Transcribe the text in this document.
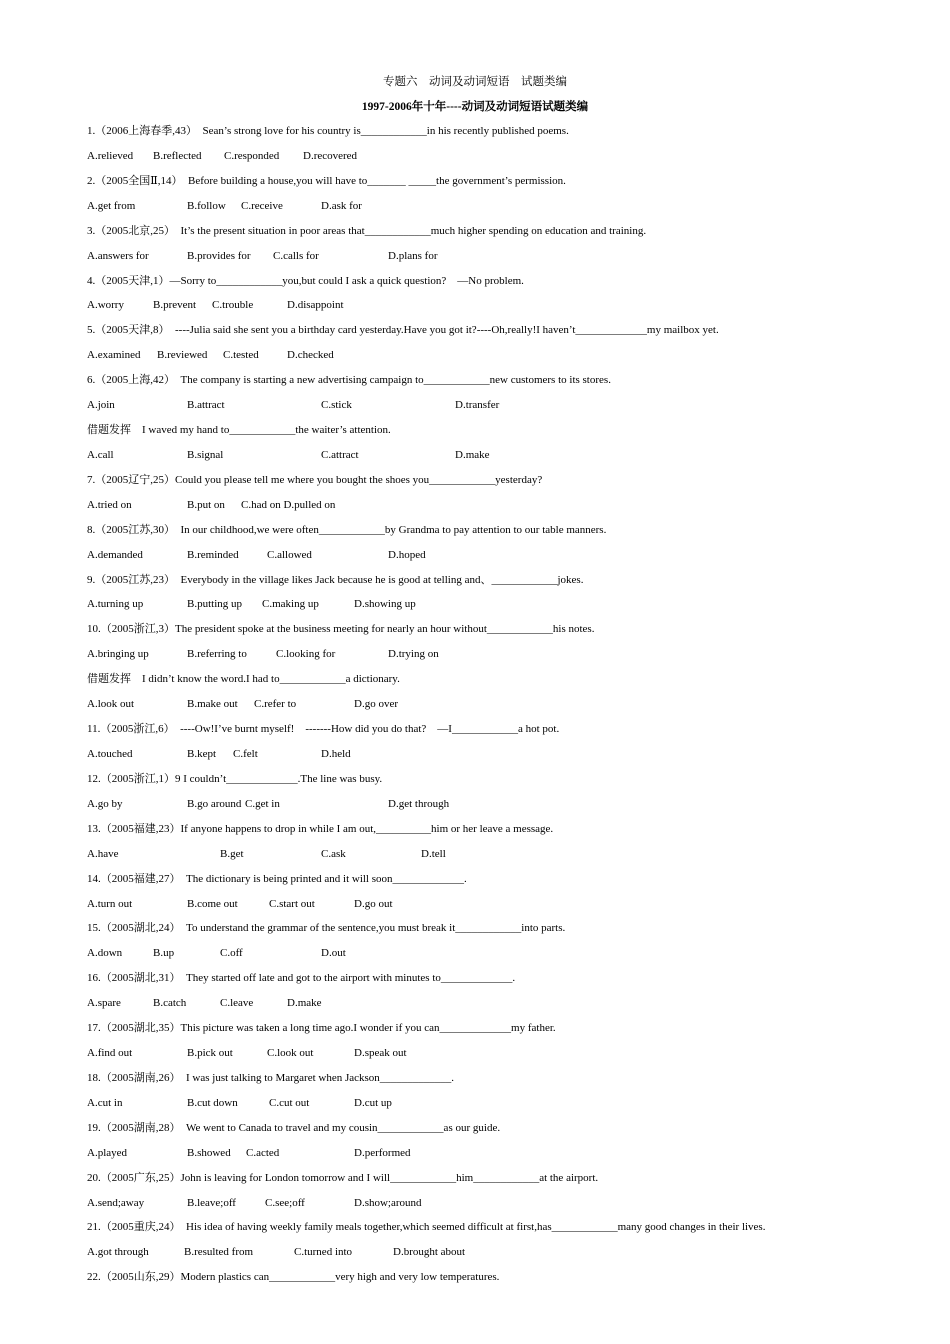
专题六　动词及动词短语　试题类编
1997-2006年十年----动词及动词短语试题类编
1.（2006上海春季,43）　Sean’s strong love for his country is____________in his recently published poems.
A.relieved B.reflected C.responded D.recovered
2.（2005全国Ⅱ,14）　Before building a house,you will have to_______ _____the government’s permission.
A.get from	B.follow C.receive	D.ask for
3.（2005北京,25）　It’s the present situation in poor areas that____________much higher spending on education and training.
A.answers for	B.provides for C.calls for	D.plans for
4.（2005天津,1）—Sorry to____________you,but could I ask a quick question?　—No problem.
A.worry	B.prevent C.trouble	D.disappoint
5.（2005天津,8）　----Julia said she sent you a birthday card yesterday.Have you got it?----Oh,really!I haven’t_____________my mailbox yet.
A.examined B.reviewed C.tested	D.checked
6.（2005上海,42）　The company is starting a new advertising campaign to____________new customers to its stores.
A.join	B.attract	C.stick	D.transfer
借题发挥　I waved my hand to____________the waiter’s attention.
A.call	B.signal	C.attract	D.make
7.（2005辽宁,25）Could you please tell me where you bought the shoes you____________yesterday?
A.tried on	B.put on C.had on D.pulled on
8.（2005江苏,30）　In our childhood,we were often____________by Grandma to pay attention to our table manners.
A.demanded	B.reminded	C.allowed	D.hoped
9.（2005江苏,23）　Everybody in the village likes Jack because he is good at telling and、____________jokes.
A.turning up	B.putting up C.making up	D.showing up
10.（2005浙江,3）The president spoke at the business meeting for nearly an hour without____________his notes.
A.bringing up	B.referring to	C.looking for	D.trying on
借题发挥　I didn’t know the word.I had to____________a dictionary.
A.look out	B.make out C.refer to	D.go over
11.（2005浙江,6）　----Ow!I’ve burnt myself!　-------How did you do that?　—I____________a hot pot.
A.touched	B.kept C.felt	D.held
12.（2005浙江,1）9 I couldn’t_____________.The line was busy.
A.go by	B.go around C.get in	D.get through
13.（2005福建,23）If anyone happens to drop in while I am out,__________him or her leave a message.
A.have	B.get	C.ask	D.tell
14.（2005福建,27）　The dictionary is being printed and it will soon_____________.
A.turn out	B.come out	C.start out	D.go out
15.（2005湖北,24）　To understand the grammar of the sentence,you must break it____________into parts.
A.down	B.up	C.off	D.out
16.（2005湖北,31）　They started off late and got to the airport with minutes to_____________.
A.spare	B.catch	C.leave	D.make
17.（2005湖北,35）This picture was taken a long time ago.I wonder if you can_____________my father.
A.find out	B.pick out	C.look out	D.speak out
18.（2005湖南,26）　I was just talking to Margaret when Jackson_____________.
A.cut in	B.cut down	C.cut out	D.cut up
19.（2005湖南,28）　We went to Canada to travel and my cousin____________as our guide.
A.played	B.showed C.acted	D.performed
20.（2005广东,25）John is leaving for London tomorrow and I will____________him____________at the airport.
A.send;away	B.leave;off	C.see;off	D.show;around
21.（2005重庆,24）　His idea of having weekly family meals together,which seemed difficult at first,has____________many good changes in their lives.
A.got through	B.resulted from	C.turned into	D.brought about
22.（2005山东,29）Modern plastics can____________very high and very low temperatures.
